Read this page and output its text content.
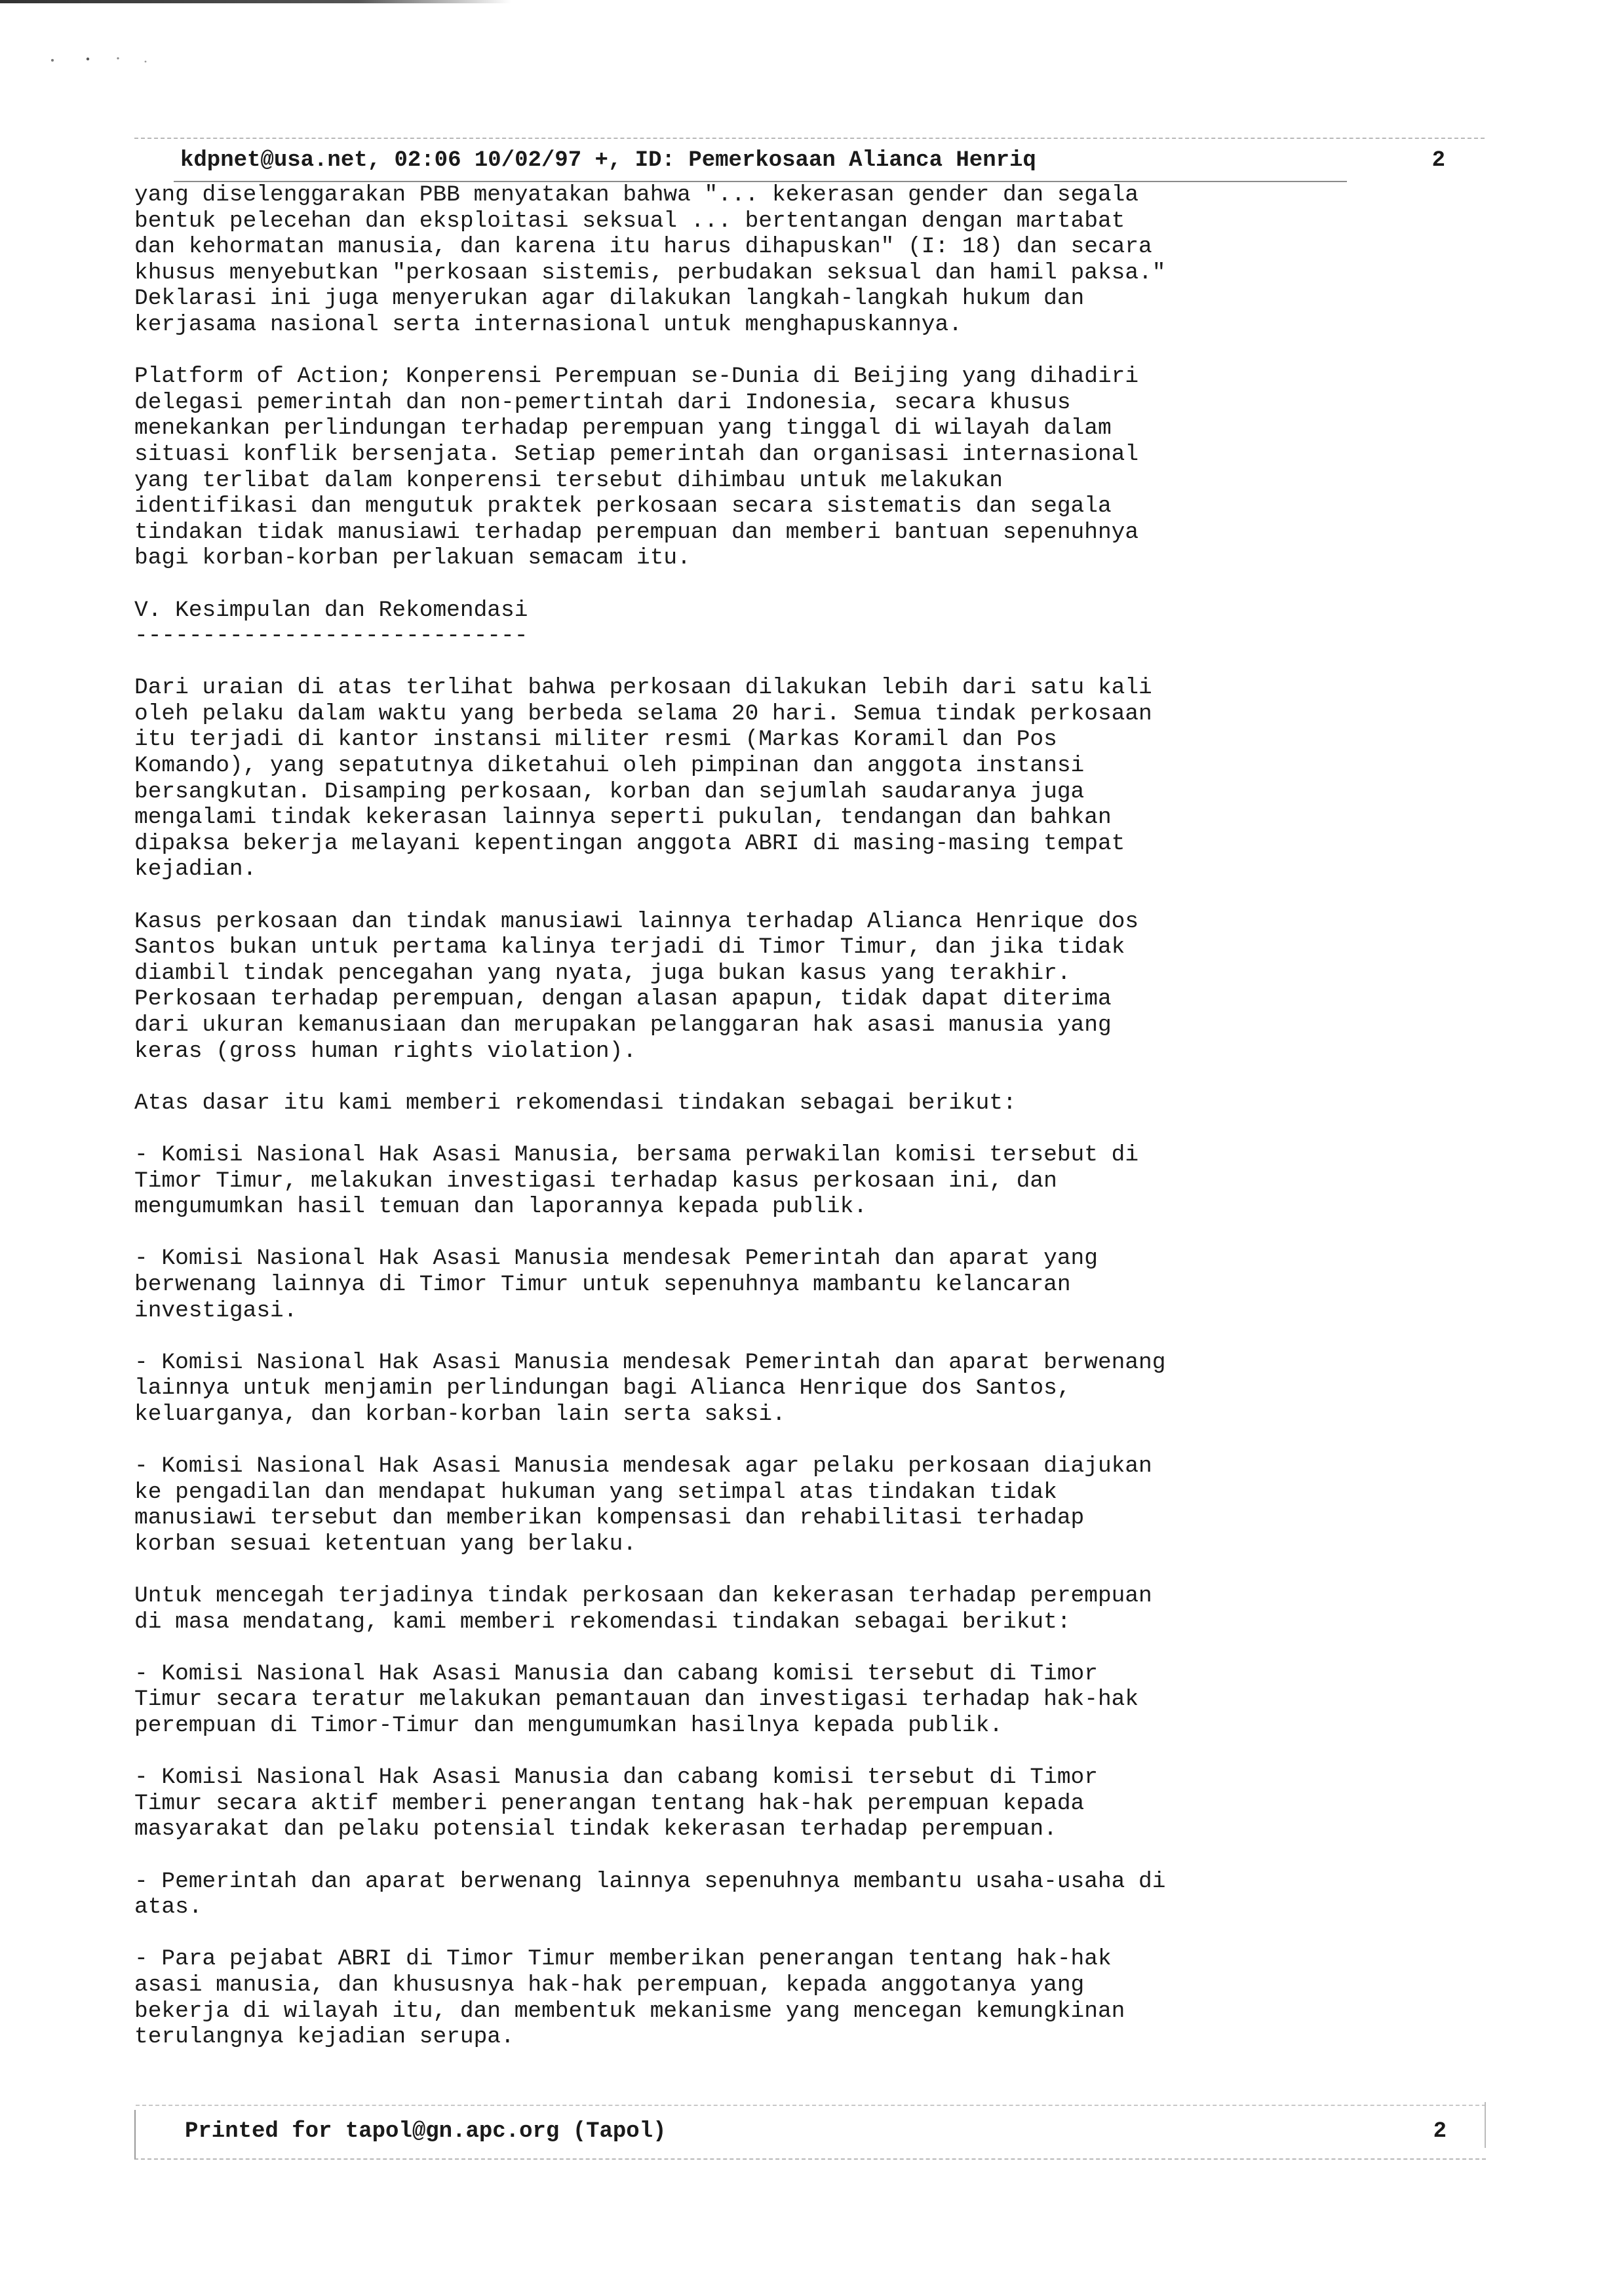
kdpnet@usa.net, 02:06 10/02/97 +, ID: Pemerkosaan Alianca Henriq	2

yang diselenggarakan PBB menyatakan bahwa "... kekerasan gender dan segala

bentuk pelecehan dan eksploitasi seksual ... bertentangan dengan martabat

dan kehormatan manusia, dan karena itu harus dihapuskan" (I: 18) dan secara

khusus menyebutkan "perkosaan sistemis, perbudakan seksual dan hamil paksa."

Deklarasi ini juga menyerukan agar dilakukan langkah-langkah hukum dan

kerjasama nasional serta internasional untuk menghapuskannya.

Platform of Action; Konperensi Perempuan se-Dunia di Beijing yang dihadiri

delegasi pemerintah dan non-pemertintah dari Indonesia, secara khusus

menekankan perlindungan terhadap perempuan yang tinggal di wilayah dalam

situasi konflik bersenjata. Setiap pemerintah dan organisasi internasional

yang terlibat dalam konperensi tersebut dihimbau untuk melakukan

identifikasi dan mengutuk praktek perkosaan secara sistematis dan segala

tindakan tidak manusiawi terhadap perempuan dan memberi bantuan sepenuhnya

bagi korban-korban perlakuan semacam itu.

V. Kesimpulan dan Rekomendasi

-----------------------------

Dari uraian di atas terlihat bahwa perkosaan dilakukan lebih dari satu kali

oleh pelaku dalam waktu yang berbeda selama 20 hari. Semua tindak perkosaan

itu terjadi di kantor instansi militer resmi (Markas Koramil dan Pos

Komando), yang sepatutnya diketahui oleh pimpinan dan anggota instansi

bersangkutan. Disamping perkosaan, korban dan sejumlah saudaranya juga

mengalami tindak kekerasan lainnya seperti pukulan, tendangan dan bahkan

dipaksa bekerja melayani kepentingan anggota ABRI di masing-masing tempat

kejadian.

Kasus perkosaan dan tindak manusiawi lainnya terhadap Alianca Henrique dos

Santos bukan untuk pertama kalinya terjadi di Timor Timur, dan jika tidak

diambil tindak pencegahan yang nyata, juga bukan kasus yang terakhir.

Perkosaan terhadap perempuan, dengan alasan apapun, tidak dapat diterima

dari ukuran kemanusiaan dan merupakan pelanggaran hak asasi manusia yang

keras (gross human rights violation).

Atas dasar itu kami memberi rekomendasi tindakan sebagai berikut:

- Komisi Nasional Hak Asasi Manusia, bersama perwakilan komisi tersebut di

Timor Timur, melakukan investigasi terhadap kasus perkosaan ini, dan

mengumumkan hasil temuan dan laporannya kepada publik.

- Komisi Nasional Hak Asasi Manusia mendesak Pemerintah dan aparat yang

berwenang lainnya di Timor Timur untuk sepenuhnya mambantu kelancaran

investigasi.

- Komisi Nasional Hak Asasi Manusia mendesak Pemerintah dan aparat berwenang

lainnya untuk menjamin perlindungan bagi Alianca Henrique dos Santos,

keluarganya, dan korban-korban lain serta saksi.

- Komisi Nasional Hak Asasi Manusia mendesak agar pelaku perkosaan diajukan

ke pengadilan dan mendapat hukuman yang setimpal atas tindakan tidak

manusiawi tersebut dan memberikan kompensasi dan rehabilitasi terhadap

korban sesuai ketentuan yang berlaku.

Untuk mencegah terjadinya tindak perkosaan dan kekerasan terhadap perempuan

di masa mendatang, kami memberi rekomendasi tindakan sebagai berikut:

- Komisi Nasional Hak Asasi Manusia dan cabang komisi tersebut di Timor

Timur secara teratur melakukan pemantauan dan investigasi terhadap hak-hak

perempuan di Timor-Timur dan mengumumkan hasilnya kepada publik.

- Komisi Nasional Hak Asasi Manusia dan cabang komisi tersebut di Timor

Timur secara aktif memberi penerangan tentang hak-hak perempuan kepada

masyarakat dan pelaku potensial tindak kekerasan terhadap perempuan.

- Pemerintah dan aparat berwenang lainnya sepenuhnya membantu usaha-usaha di

atas.

- Para pejabat ABRI di Timor Timur memberikan penerangan tentang hak-hak

asasi manusia, dan khususnya hak-hak perempuan, kepada anggotanya yang

bekerja di wilayah itu, dan membentuk mekanisme yang mencegan kemungkinan

terulangnya kejadian serupa.

Printed for tapol@gn.apc.org (Tapol)	2
